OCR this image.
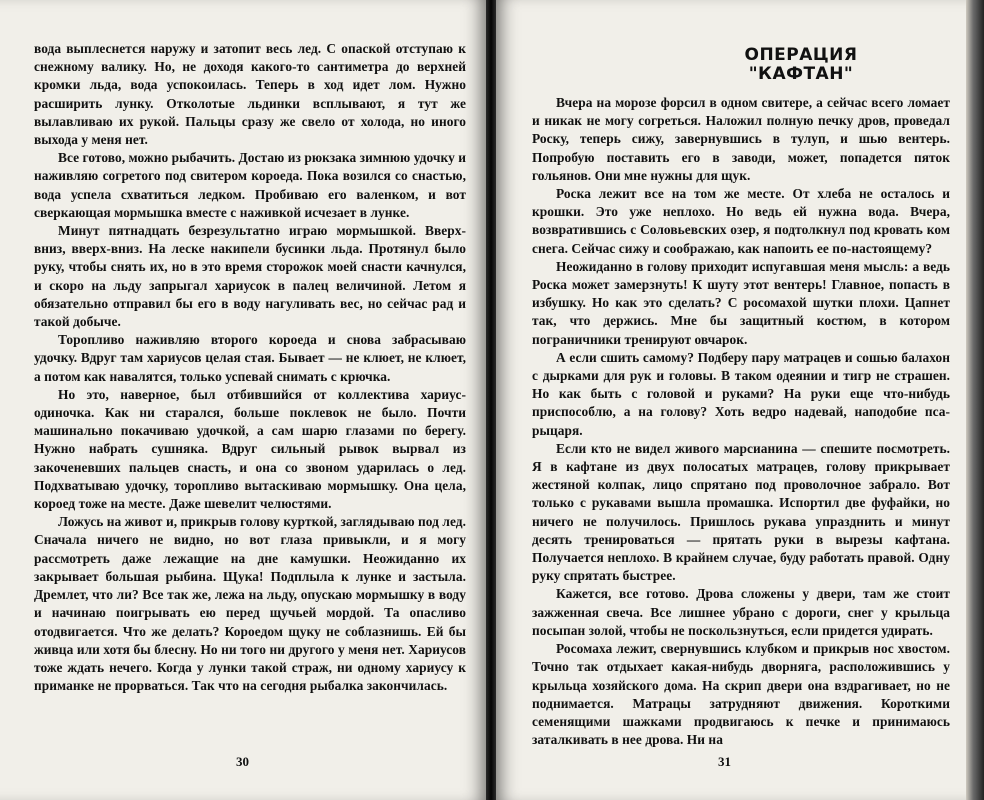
вода выплеснется наружу и затопит весь лед. С опаской отступаю к снежному валику. Но, не доходя какого-то сантиметра до верхней кромки льда, вода успокоилась. Теперь в ход идет лом. Нужно расширить лунку. Отколотые льдинки всплывают, я тут же вылавливаю их рукой. Пальцы сразу же свело от холода, но иного выхода у меня нет.

Все готово, можно рыбачить. Достаю из рюкзака зимнюю удочку и наживляю согретого под свитером короеда. Пока возился со снастью, вода успела схватиться ледком. Пробиваю его валенком, и вот сверкающая мормышка вместе с наживкой исчезает в лунке.

Минут пятнадцать безрезультатно играю мормышкой. Вверх-вниз, вверх-вниз. На леске накипели бусинки льда. Протянул было руку, чтобы снять их, но в это время сторожок моей снасти качнулся, и скоро на льду запрыгал хариусок в палец величиной. Летом я обязательно отправил бы его в воду нагуливать вес, но сейчас рад и такой добыче.

Торопливо наживляю второго короеда и снова забрасываю удочку. Вдруг там хариусов целая стая. Бывает — не клюет, не клюет, а потом как навалятся, только успевай снимать с крючка.

Но это, наверное, был отбившийся от коллектива хариус-одиночка. Как ни старался, больше поклевок не было. Почти машинально покачиваю удочкой, а сам шарю глазами по берегу. Нужно набрать сушняка. Вдруг сильный рывок вырвал из закоченевших пальцев снасть, и она со звоном ударилась о лед. Подхватываю удочку, торопливо вытаскиваю мормышку. Она цела, короед тоже на месте. Даже шевелит челюстями.

Ложусь на живот и, прикрыв голову курткой, заглядываю под лед. Сначала ничего не видно, но вот глаза привыкли, и я могу рассмотреть даже лежащие на дне камушки. Неожиданно их закрывает большая рыбина. Щука! Подплыла к лунке и застыла. Дремлет, что ли? Все так же, лежа на льду, опускаю мормышку в воду и начинаю поигрывать ею перед щучьей мордой. Та опасливо отодвигается. Что же делать? Короедом щуку не соблазнишь. Ей бы живца или хотя бы блесну. Но ни того ни другого у меня нет. Хариусов тоже ждать нечего. Когда у лунки такой страж, ни одному хариусу к приманке не прорваться. Так что на сегодня рыбалка закончилась.

30
ОПЕРАЦИЯ
"КАФТАН"

Вчера на морозе форсил в одном свитере, а сейчас всего ломает и никак не могу согреться. Наложил полную печку дров, проведал Роску, теперь сижу, завернувшись в тулуп, и шью вентерь. Попробую поставить его в заводи, может, попадется пяток гольянов. Они мне нужны для щук.

Роска лежит все на том же месте. От хлеба не осталось и крошки. Это уже неплохо. Но ведь ей нужна вода. Вчера, возвратившись с Соловьевских озер, я подтолкнул под кровать ком снега. Сейчас сижу и соображаю, как напоить ее по-настоящему?

Неожиданно в голову приходит испугавшая меня мысль: а ведь Роска может замерзнуть! К шуту этот вентерь! Главное, попасть в избушку. Но как это сделать? С росомахой шутки плохи. Цапнет так, что держись. Мне бы защитный костюм, в котором пограничники тренируют овчарок.

А если сшить самому? Подберу пару матрацев и сошью балахон с дырками для рук и головы. В таком одеянии и тигр не страшен. Но как быть с головой и руками? На руки еще что-нибудь приспособлю, а на голову? Хоть ведро надевай, наподобие пса-рыцаря.

Если кто не видел живого марсианина — спешите посмотреть. Я в кафтане из двух полосатых матрацев, голову прикрывает жестяной колпак, лицо спрятано под проволочное забрало. Вот только с рукавами вышла промашка. Испортил две фуфайки, но ничего не получилось. Пришлось рукава упразднить и минут десять тренироваться — прятать руки в вырезы кафтана. Получается неплохо. В крайнем случае, буду работать правой. Одну руку спрятать быстрее.

Кажется, все готово. Дрова сложены у двери, там же стоит зажженная свеча. Все лишнее убрано с дороги, снег у крыльца посыпан золой, чтобы не поскользнуться, если придется удирать.

Росомаха лежит, свернувшись клубком и прикрыв нос хвостом. Точно так отдыхает какая-нибудь дворняга, расположившись у крыльца хозяйского дома. На скрип двери она вздрагивает, но не поднимается. Матрацы затрудняют движения. Короткими семенящими шажками продвигаюсь к печке и принимаюсь заталкивать в нее дрова. Ни на

31
